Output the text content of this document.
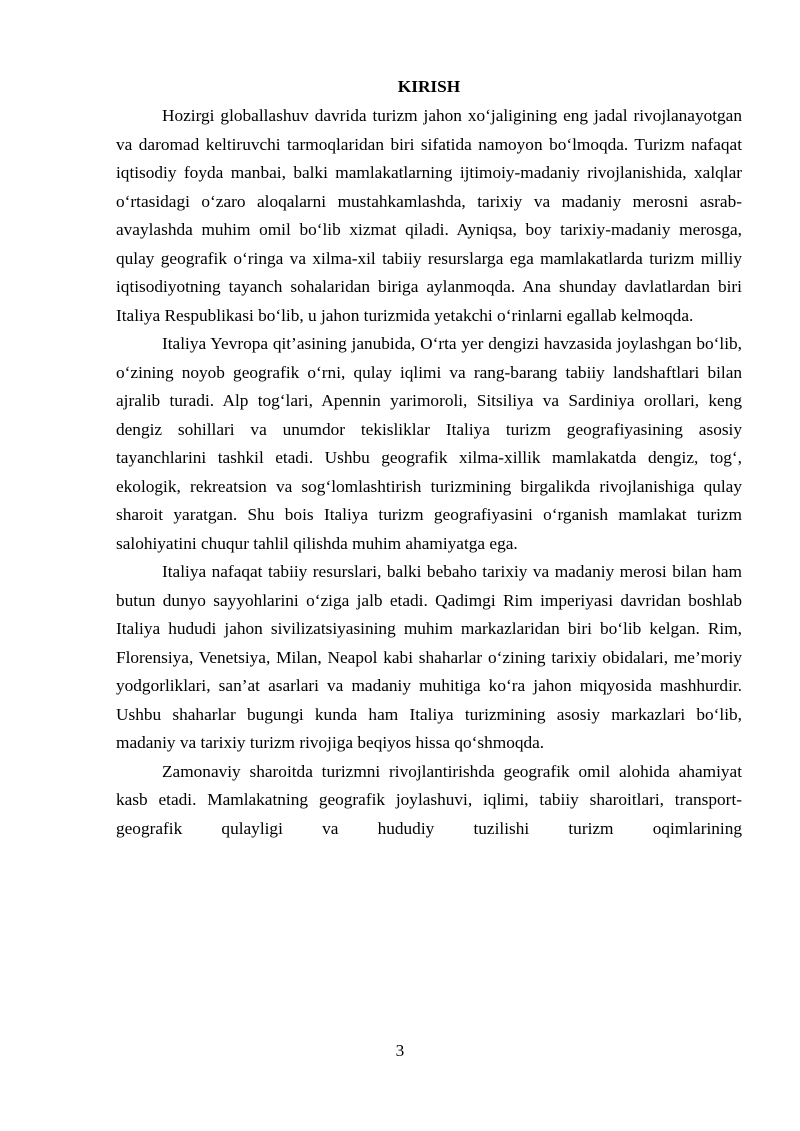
KIRISH

Hozirgi globallashuv davrida turizm jahon xo‘jaligining eng jadal rivojlanayotgan va daromad keltiruvchi tarmoqlaridan biri sifatida namoyon bo‘lmoqda. Turizm nafaqat iqtisodiy foyda manbai, balki mamlakatlarning ijtimoiy-madaniy rivojlanishida, xalqlar o‘rtasidagi o‘zaro aloqalarni mustahkamlashda, tarixiy va madaniy merosni asrab-avaylashda muhim omil bo‘lib xizmat qiladi. Ayniqsa, boy tarixiy-madaniy merosga, qulay geografik o‘ringa va xilma-xil tabiiy resurslarga ega mamlakatlarda turizm milliy iqtisodiyotning tayanch sohalaridan biriga aylanmoqda. Ana shunday davlatlardan biri Italiya Respublikasi bo‘lib, u jahon turizmida yetakchi o‘rinlarni egallab kelmoqda.

Italiya Yevropa qit’asining janubida, O‘rta yer dengizi havzasida joylashgan bo‘lib, o‘zining noyob geografik o‘rni, qulay iqlimi va rang-barang tabiiy landshaftlari bilan ajralib turadi. Alp tog‘lari, Apennin yarimoroli, Sitsiliya va Sardiniya orollari, keng dengiz sohillari va unumdor tekisliklar Italiya turizm geografiyasining asosiy tayanchlarini tashkil etadi. Ushbu geografik xilma-xillik mamlakatda dengiz, tog‘, ekologik, rekreatsion va sog‘lomlashtirish turizmining birgalikda rivojlanishiga qulay sharoit yaratgan. Shu bois Italiya turizm geografiyasini o‘rganish mamlakat turizm salohiyatini chuqur tahlil qilishda muhim ahamiyatga ega.

Italiya nafaqat tabiiy resurslari, balki bebaho tarixiy va madaniy merosi bilan ham butun dunyo sayyohlarini o‘ziga jalb etadi. Qadimgi Rim imperiyasi davridan boshlab Italiya hududi jahon sivilizatsiyasining muhim markazlaridan biri bo‘lib kelgan. Rim, Florensiya, Venetsiya, Milan, Neapol kabi shaharlar o‘zining tarixiy obidalari, me’moriy yodgorliklari, san’at asarlari va madaniy muhitiga ko‘ra jahon miqyosida mashhurdir. Ushbu shaharlar bugungi kunda ham Italiya turizmining asosiy markazlari bo‘lib, madaniy va tarixiy turizm rivojiga beqiyos hissa qo‘shmoqda.

Zamonaviy sharoitda turizmni rivojlantirishda geografik omil alohida ahamiyat kasb etadi. Mamlakatning geografik joylashuvi, iqlimi, tabiiy sharoitlari, transport-geografik qulayligi va hududiy tuzilishi turizm oqimlarining

3
